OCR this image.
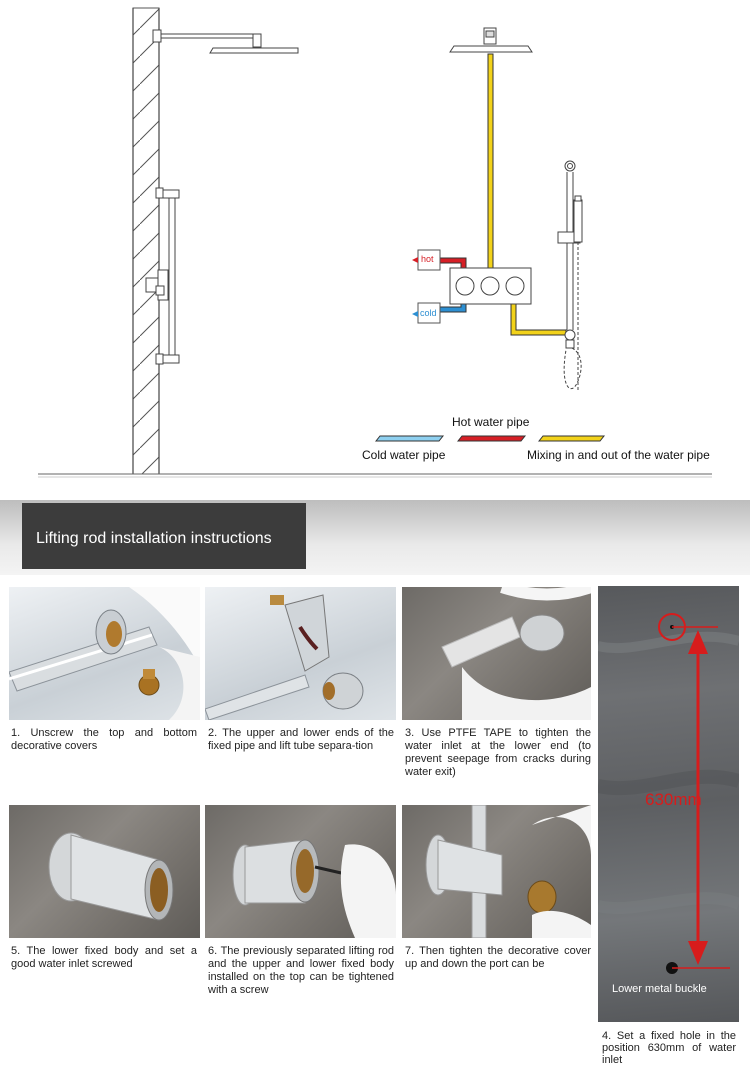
hot
cold
Hot water pipe
Cold water pipe	Mixing in and out of the water pipe
Lifting rod installation instructions
1. Unscrew the top and bottom decorative covers
2. The upper and lower ends of the fixed pipe and lift tube separa-tion
3. Use PTFE TAPE to tighten the water inlet at the lower end (to prevent seepage from cracks during water exit)
5. The lower fixed body and set a good water inlet screwed
6. The previously separated lifting rod and the upper and lower fixed body installed on the top can be tightened with a screw
7. Then tighten the decorative cover up and down the port can be
630mm
Lower metal buckle
4. Set a fixed hole in the position 630mm of water inlet
